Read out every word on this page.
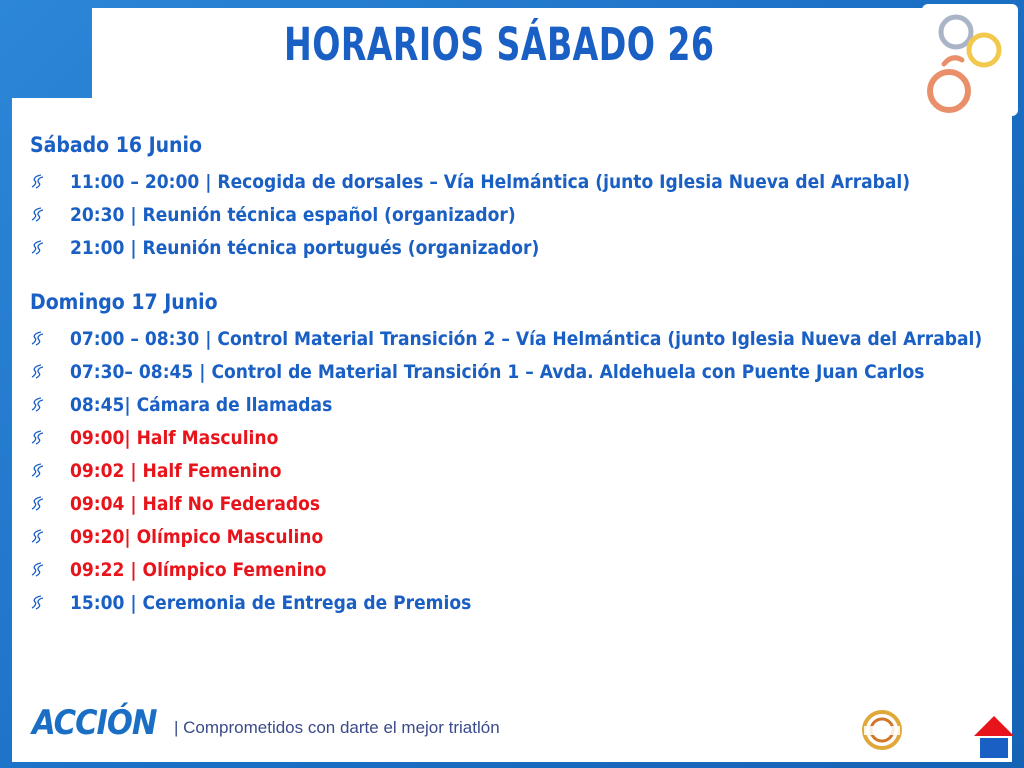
HORARIOS SÁBADO 26
Sábado 16 Junio
11:00 – 20:00 | Recogida de dorsales – Vía Helmántica (junto Iglesia Nueva del Arrabal)
20:30 | Reunión técnica español (organizador)
21:00 | Reunión técnica portugués (organizador)
Domingo 17 Junio
07:00 – 08:30 | Control Material Transición 2 – Vía Helmántica (junto Iglesia Nueva del Arrabal)
07:30– 08:45 | Control de Material Transición 1 – Avda. Aldehuela con Puente Juan Carlos
08:45| Cámara de llamadas
09:00| Half Masculino
09:02 | Half Femenino
09:04 | Half No Federados
09:20| Olímpico Masculino
09:22 | Olímpico Femenino
15:00 | Ceremonia de Entrega de Premios
ACCIÓN | Comprometidos con darte el mejor triatlón
